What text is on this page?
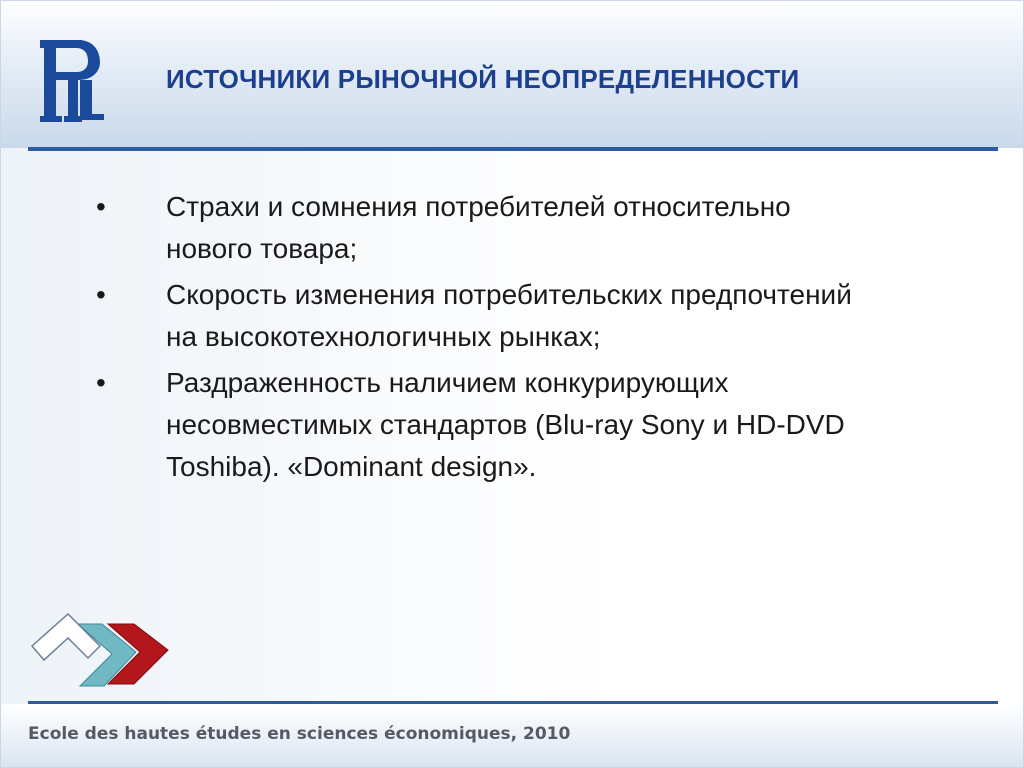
ИСТОЧНИКИ РЫНОЧНОЙ НЕОПРЕДЕЛЕННОСТИ
• Страхи и сомнения потребителей относительно
нового товара;
• Скорость изменения потребительских предпочтений
на высокотехнологичных рынках;
• Раздраженность наличием конкурирующих
несовместимых стандартов (Blu-ray Sony и HD-DVD
Toshiba). «Dominant design».
Ecole des hautes études en sciences économiques, 2010
